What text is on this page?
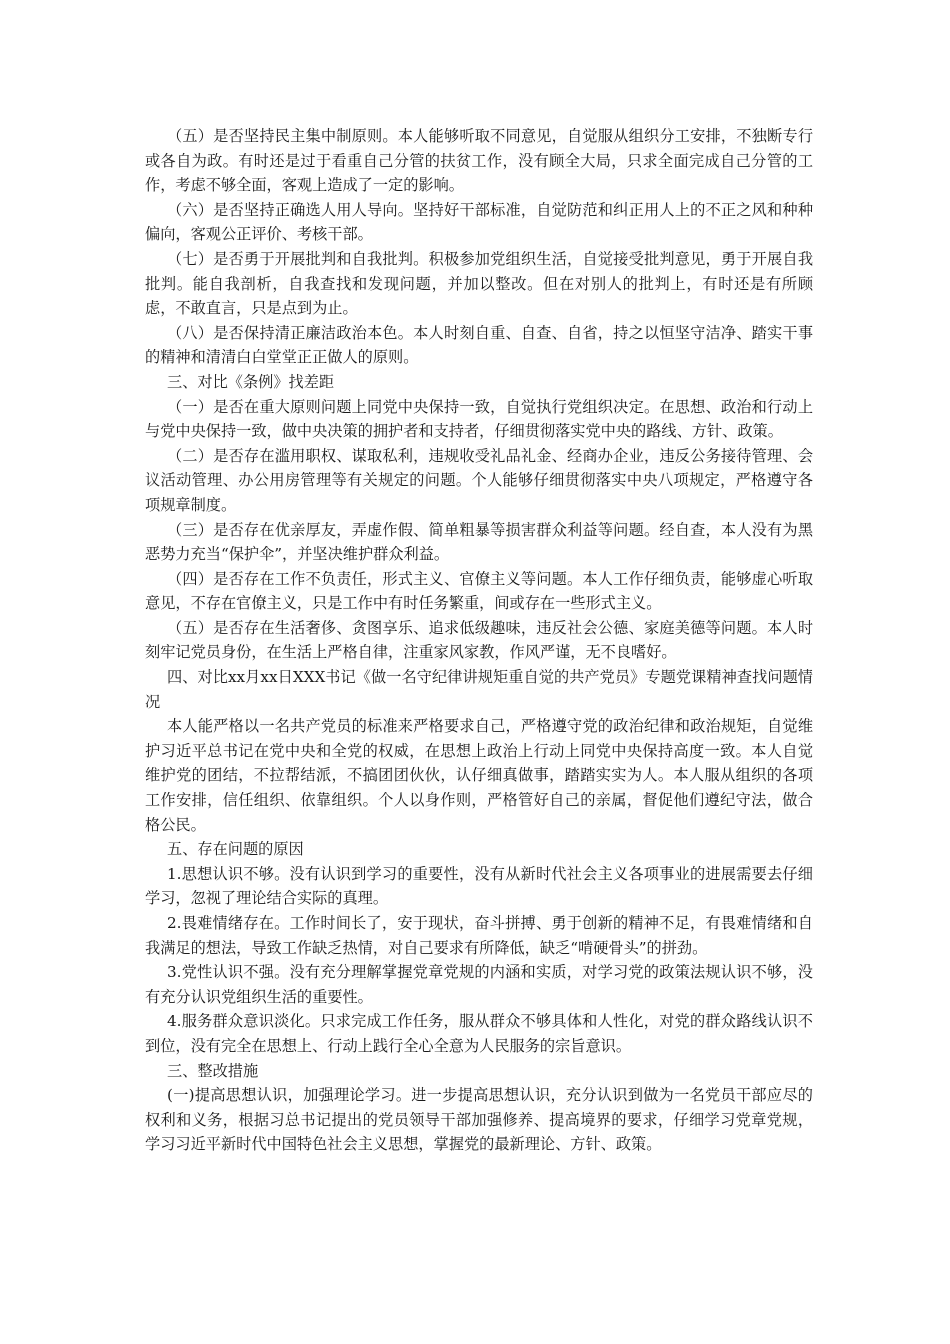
（五）是否坚持民主集中制原则。本人能够听取不同意见，自觉服从组织分工安排，不独断专行或各自为政。有时还是过于看重自己分管的扶贫工作，没有顾全大局，只求全面完成自己分管的工作，考虑不够全面，客观上造成了一定的影响。

（六）是否坚持正确选人用人导向。坚持好干部标准，自觉防范和纠正用人上的不正之风和种种偏向，客观公正评价、考核干部。

（七）是否勇于开展批判和自我批判。积极参加党组织生活，自觉接受批判意见，勇于开展自我批判。能自我剖析，自我查找和发现问题，并加以整改。但在对别人的批判上，有时还是有所顾虑，不敢直言，只是点到为止。

（八）是否保持清正廉洁政治本色。本人时刻自重、自查、自省，持之以恒坚守洁净、踏实干事的精神和清清白白堂堂正正做人的原则。

三、对比《条例》找差距

（一）是否在重大原则问题上同党中央保持一致，自觉执行党组织决定。在思想、政治和行动上与党中央保持一致，做中央决策的拥护者和支持者，仔细贯彻落实党中央的路线、方针、政策。

（二）是否存在滥用职权、谋取私利，违规收受礼品礼金、经商办企业，违反公务接待管理、会议活动管理、办公用房管理等有关规定的问题。个人能够仔细贯彻落实中央八项规定，严格遵守各项规章制度。

（三）是否存在优亲厚友，弄虚作假、简单粗暴等损害群众利益等问题。经自查，本人没有为黑恶势力充当“保护伞”，并坚决维护群众利益。

（四）是否存在工作不负责任，形式主义、官僚主义等问题。本人工作仔细负责，能够虚心听取意见，不存在官僚主义，只是工作中有时任务繁重，间或存在一些形式主义。

（五）是否存在生活奢侈、贪图享乐、追求低级趣味，违反社会公德、家庭美德等问题。本人时刻牢记党员身份，在生活上严格自律，注重家风家教，作风严谨，无不良嗜好。

四、对比xx月xx日XXX书记《做一名守纪律讲规矩重自觉的共产党员》专题党课精神查找问题情况

本人能严格以一名共产党员的标准来严格要求自己，严格遵守党的政治纪律和政治规矩，自觉维护习近平总书记在党中央和全党的权威，在思想上政治上行动上同党中央保持高度一致。本人自觉维护党的团结，不拉帮结派，不搞团团伙伙，认仔细真做事，踏踏实实为人。本人服从组织的各项工作安排，信任组织、依靠组织。个人以身作则，严格管好自己的亲属，督促他们遵纪守法，做合格公民。

五、存在问题的原因

1.思想认识不够。没有认识到学习的重要性，没有从新时代社会主义各项事业的进展需要去仔细学习，忽视了理论结合实际的真理。

2.畏难情绪存在。工作时间长了，安于现状，奋斗拼搏、勇于创新的精神不足，有畏难情绪和自我满足的想法，导致工作缺乏热情，对自己要求有所降低，缺乏“啃硬骨头”的拼劲。

3.党性认识不强。没有充分理解掌握党章党规的内涵和实质，对学习党的政策法规认识不够，没有充分认识党组织生活的重要性。

4.服务群众意识淡化。只求完成工作任务，服从群众不够具体和人性化，对党的群众路线认识不到位，没有完全在思想上、行动上践行全心全意为人民服务的宗旨意识。

三、整改措施

(一)提高思想认识，加强理论学习。进一步提高思想认识，充分认识到做为一名党员干部应尽的权利和义务，根据习总书记提出的党员领导干部加强修养、提高境界的要求，仔细学习党章党规，学习习近平新时代中国特色社会主义思想，掌握党的最新理论、方针、政策。
